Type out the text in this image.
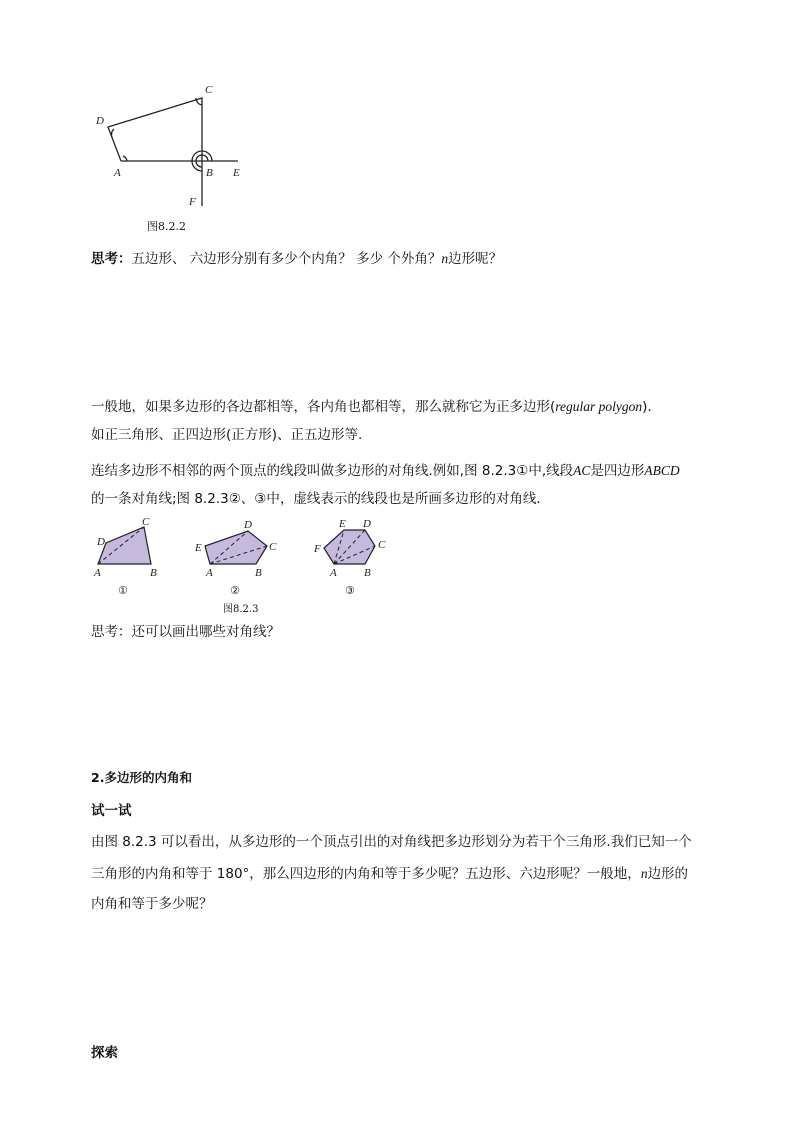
C
D
A	B E
F
图8.2.2
思考：五边形、 六边形分别有多少个内角？ 多少 个外角？n边形呢？
一般地，如果多边形的各边都相等，各内角也都相等，那么就称它为正多边形(regular polygon).
如正三角形、正四边形(正方形)、正五边形等.
连结多边形不相邻的两个顶点的线段叫做多边形的对角线.例如,图 8.2.3①中,线段AC是四边形ABCD
的一条对角线;图 8.2.3②、③中，虚线表示的线段也是所画多边形的对角线.
C
D
A	B
①
D
E	C
A	B
②
E D
F	C
A B
③
图8.2.3
思考：还可以画出哪些对角线？
2.多边形的内角和
试一试
由图 8.2.3 可以看出，从多边形的一个顶点引出的对角线把多边形划分为若干个三角形.我们已知一个
三角形的内角和等于 180°，那么四边形的内角和等于多少呢？五边形、六边形呢？一般地，n边形的
内角和等于多少呢？
探索
